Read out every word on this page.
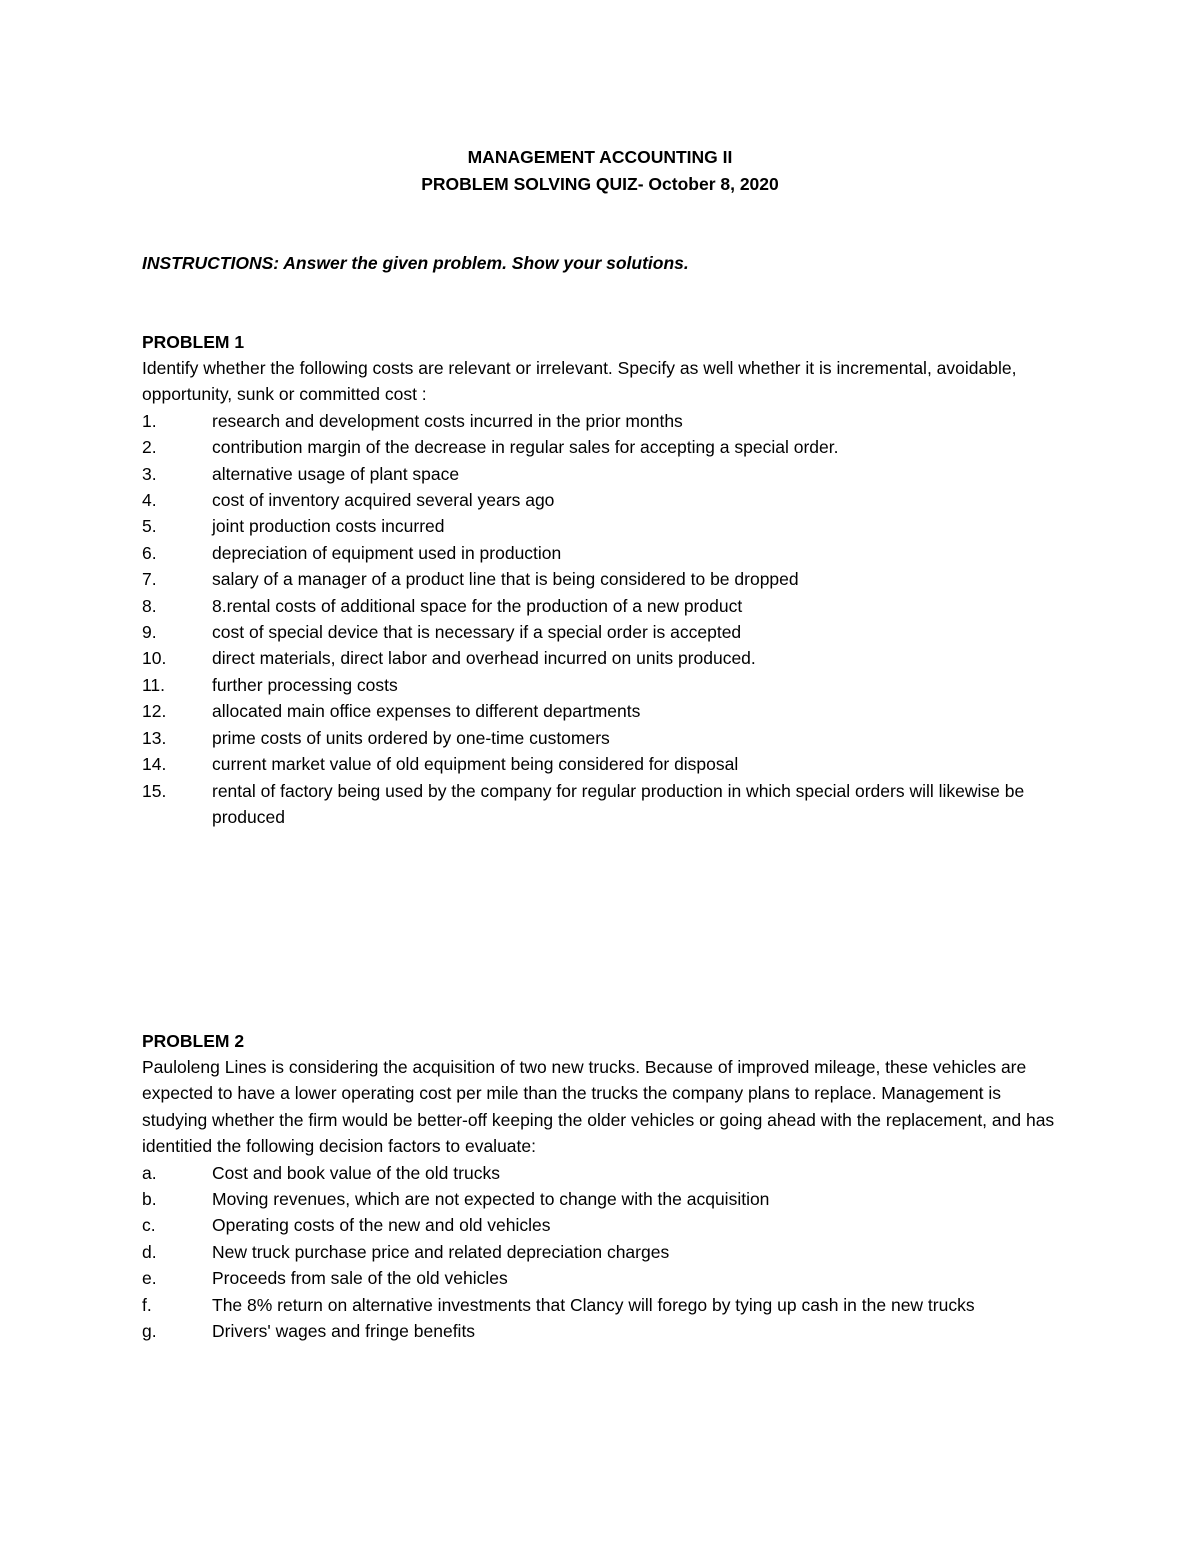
MANAGEMENT ACCOUNTING II
PROBLEM SOLVING QUIZ- October 8, 2020
INSTRUCTIONS: Answer the given problem. Show your solutions.

PROBLEM 1

Identify whether the following costs are relevant or irrelevant. Specify as well whether it is incremental, avoidable, opportunity, sunk or committed cost :

1.	research and development costs incurred in the prior months
2.	contribution margin of the decrease in regular sales for accepting a special order.
3.	alternative usage of plant space
4.	cost of inventory acquired several years ago
5.	joint production costs incurred
6.	depreciation of equipment used in production
7.	salary of a manager of a product line that is being considered to be dropped
8.	8.rental costs of additional space for the production of a new product
9.	cost of special device that is necessary if a special order is accepted
10.	direct materials, direct labor and overhead incurred on units produced.
11.	further processing costs
12.	allocated main office expenses to different departments
13.	prime costs of units ordered by one-time customers
14.	current market value of old equipment being considered for disposal
15.	rental of factory being used by the company for regular production in which special orders will likewise be produced

PROBLEM 2

Pauloleng Lines is considering the acquisition of two new trucks. Because of improved mileage, these vehicles are expected to have a lower operating cost per mile than the trucks the company plans to replace. Management is studying whether the firm would be better-off keeping the older vehicles or going ahead with the replacement, and has identitied the following decision factors to evaluate:

a.	Cost and book value of the old trucks
b.	Moving revenues, which are not expected to change with the acquisition
c.	Operating costs of the new and old vehicles
d.	New truck purchase price and related depreciation charges
e.	Proceeds from sale of the old vehicles
f.	The 8% return on alternative investments that Clancy will forego by tying up cash in the new trucks
g.	Drivers' wages and fringe benefits
